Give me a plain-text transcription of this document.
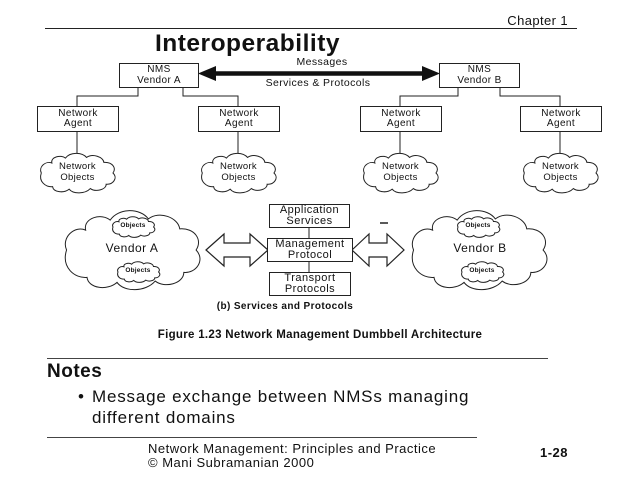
Chapter 1
Interoperability
NMS
Vendor A
NMS
Vendor B
Messages
Services & Protocols
Network
Agent
Network
Agent
Network
Agent
Network
Agent
Network
Objects
Network
Objects
Network
Objects
Network
Objects
Vendor A	Vendor B
Objects
Objects
Objects
Objects
Application
Services
Management
Protocol
Transport
Protocols
(b) Services and Protocols
Figure 1.23 Network Management Dumbbell Architecture
Notes
•
Message exchange between NMSs managing different domains
Network Management: Principles and Practice
© Mani Subramanian 2000
1-28
